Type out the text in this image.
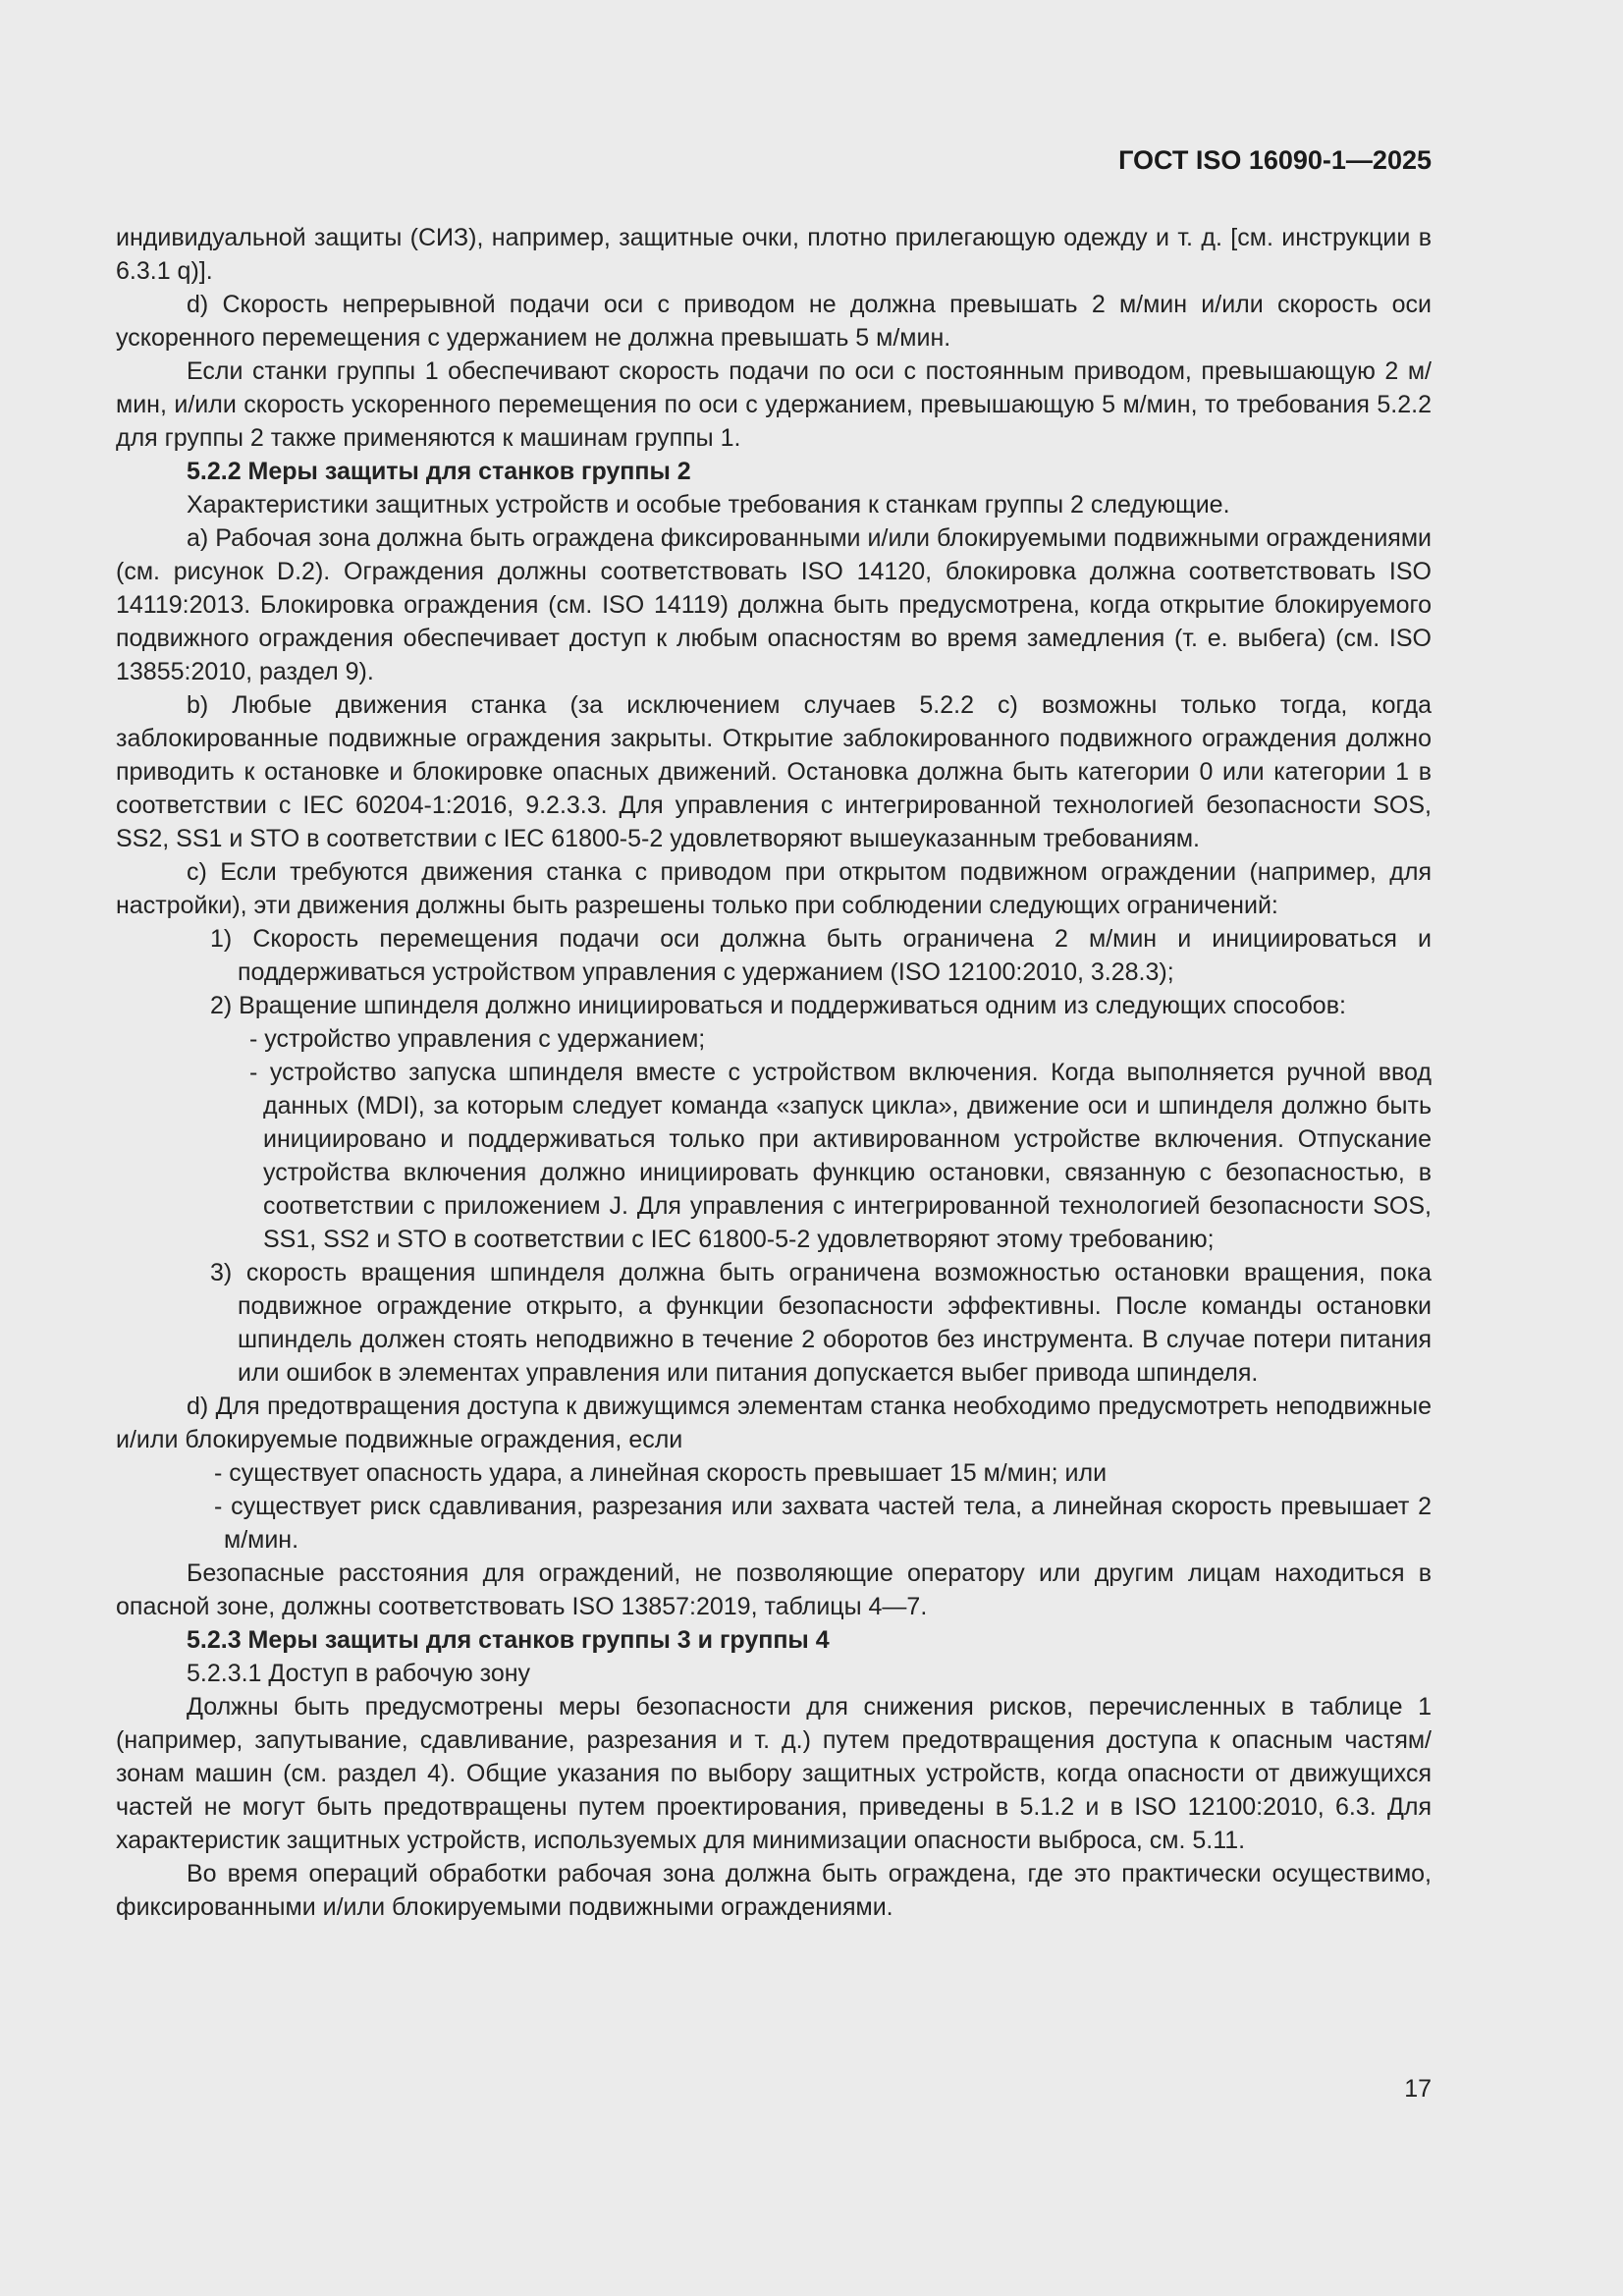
ГОСТ ISO 16090-1—2025

индивидуальной защиты (СИЗ), например, защитные очки, плотно прилегающую одежду и т. д. [см. инструкции в 6.3.1 q)].

d) Скорость непрерывной подачи оси с приводом не должна превышать 2 м/мин и/или скорость оси ускоренного перемещения с удержанием не должна превышать 5 м/мин.

Если станки группы 1 обеспечивают скорость подачи по оси с постоянным приводом, превышающую 2 м/мин, и/или скорость ускоренного перемещения по оси с удержанием, превышающую 5 м/мин, то требования 5.2.2 для группы 2 также применяются к машинам группы 1.

5.2.2 Меры защиты для станков группы 2

Характеристики защитных устройств и особые требования к станкам группы 2 следующие.

а) Рабочая зона должна быть ограждена фиксированными и/или блокируемыми подвижными ограждениями (см. рисунок D.2). Ограждения должны соответствовать ISO 14120, блокировка должна соответствовать ISO 14119:2013. Блокировка ограждения (см. ISO 14119) должна быть предусмотрена, когда открытие блокируемого подвижного ограждения обеспечивает доступ к любым опасностям во время замедления (т. е. выбега) (см. ISO 13855:2010, раздел 9).

b) Любые движения станка (за исключением случаев 5.2.2 с) возможны только тогда, когда заблокированные подвижные ограждения закрыты. Открытие заблокированного подвижного ограждения должно приводить к остановке и блокировке опасных движений. Остановка должна быть категории 0 или категории 1 в соответствии с IEC 60204-1:2016, 9.2.3.3. Для управления с интегрированной технологией безопасности SOS, SS2, SS1 и STO в соответствии с IEC 61800-5-2 удовлетворяют вышеуказанным требованиям.

с) Если требуются движения станка с приводом при открытом подвижном ограждении (например, для настройки), эти движения должны быть разрешены только при соблюдении следующих ограничений:

1) Скорость перемещения подачи оси должна быть ограничена 2 м/мин и инициироваться и поддерживаться устройством управления с удержанием (ISO 12100:2010, 3.28.3);

2) Вращение шпинделя должно инициироваться и поддерживаться одним из следующих способов:

- устройство управления с удержанием;

- устройство запуска шпинделя вместе с устройством включения. Когда выполняется ручной ввод данных (MDI), за которым следует команда «запуск цикла», движение оси и шпинделя должно быть инициировано и поддерживаться только при активированном устройстве включения. Отпускание устройства включения должно инициировать функцию остановки, связанную с безопасностью, в соответствии с приложением J. Для управления с интегрированной технологией безопасности SOS, SS1, SS2 и STO в соответствии с IEC 61800-5-2 удовлетворяют этому требованию;

3) скорость вращения шпинделя должна быть ограничена возможностью остановки вращения, пока подвижное ограждение открыто, а функции безопасности эффективны. После команды остановки шпиндель должен стоять неподвижно в течение 2 оборотов без инструмента. В случае потери питания или ошибок в элементах управления или питания допускается выбег привода шпинделя.

d) Для предотвращения доступа к движущимся элементам станка необходимо предусмотреть неподвижные и/или блокируемые подвижные ограждения, если

- существует опасность удара, а линейная скорость превышает 15 м/мин; или

- существует риск сдавливания, разрезания или захвата частей тела, а линейная скорость превышает 2 м/мин.

Безопасные расстояния для ограждений, не позволяющие оператору или другим лицам находиться в опасной зоне, должны соответствовать ISO 13857:2019, таблицы 4—7.

5.2.3 Меры защиты для станков группы 3 и группы 4

5.2.3.1 Доступ в рабочую зону

Должны быть предусмотрены меры безопасности для снижения рисков, перечисленных в таблице 1 (например, запутывание, сдавливание, разрезания и т. д.) путем предотвращения доступа к опасным частям/зонам машин (см. раздел 4). Общие указания по выбору защитных устройств, когда опасности от движущихся частей не могут быть предотвращены путем проектирования, приведены в 5.1.2 и в ISO 12100:2010, 6.3. Для характеристик защитных устройств, используемых для минимизации опасности выброса, см. 5.11.

Во время операций обработки рабочая зона должна быть ограждена, где это практически осуществимо, фиксированными и/или блокируемыми подвижными ограждениями.

17
